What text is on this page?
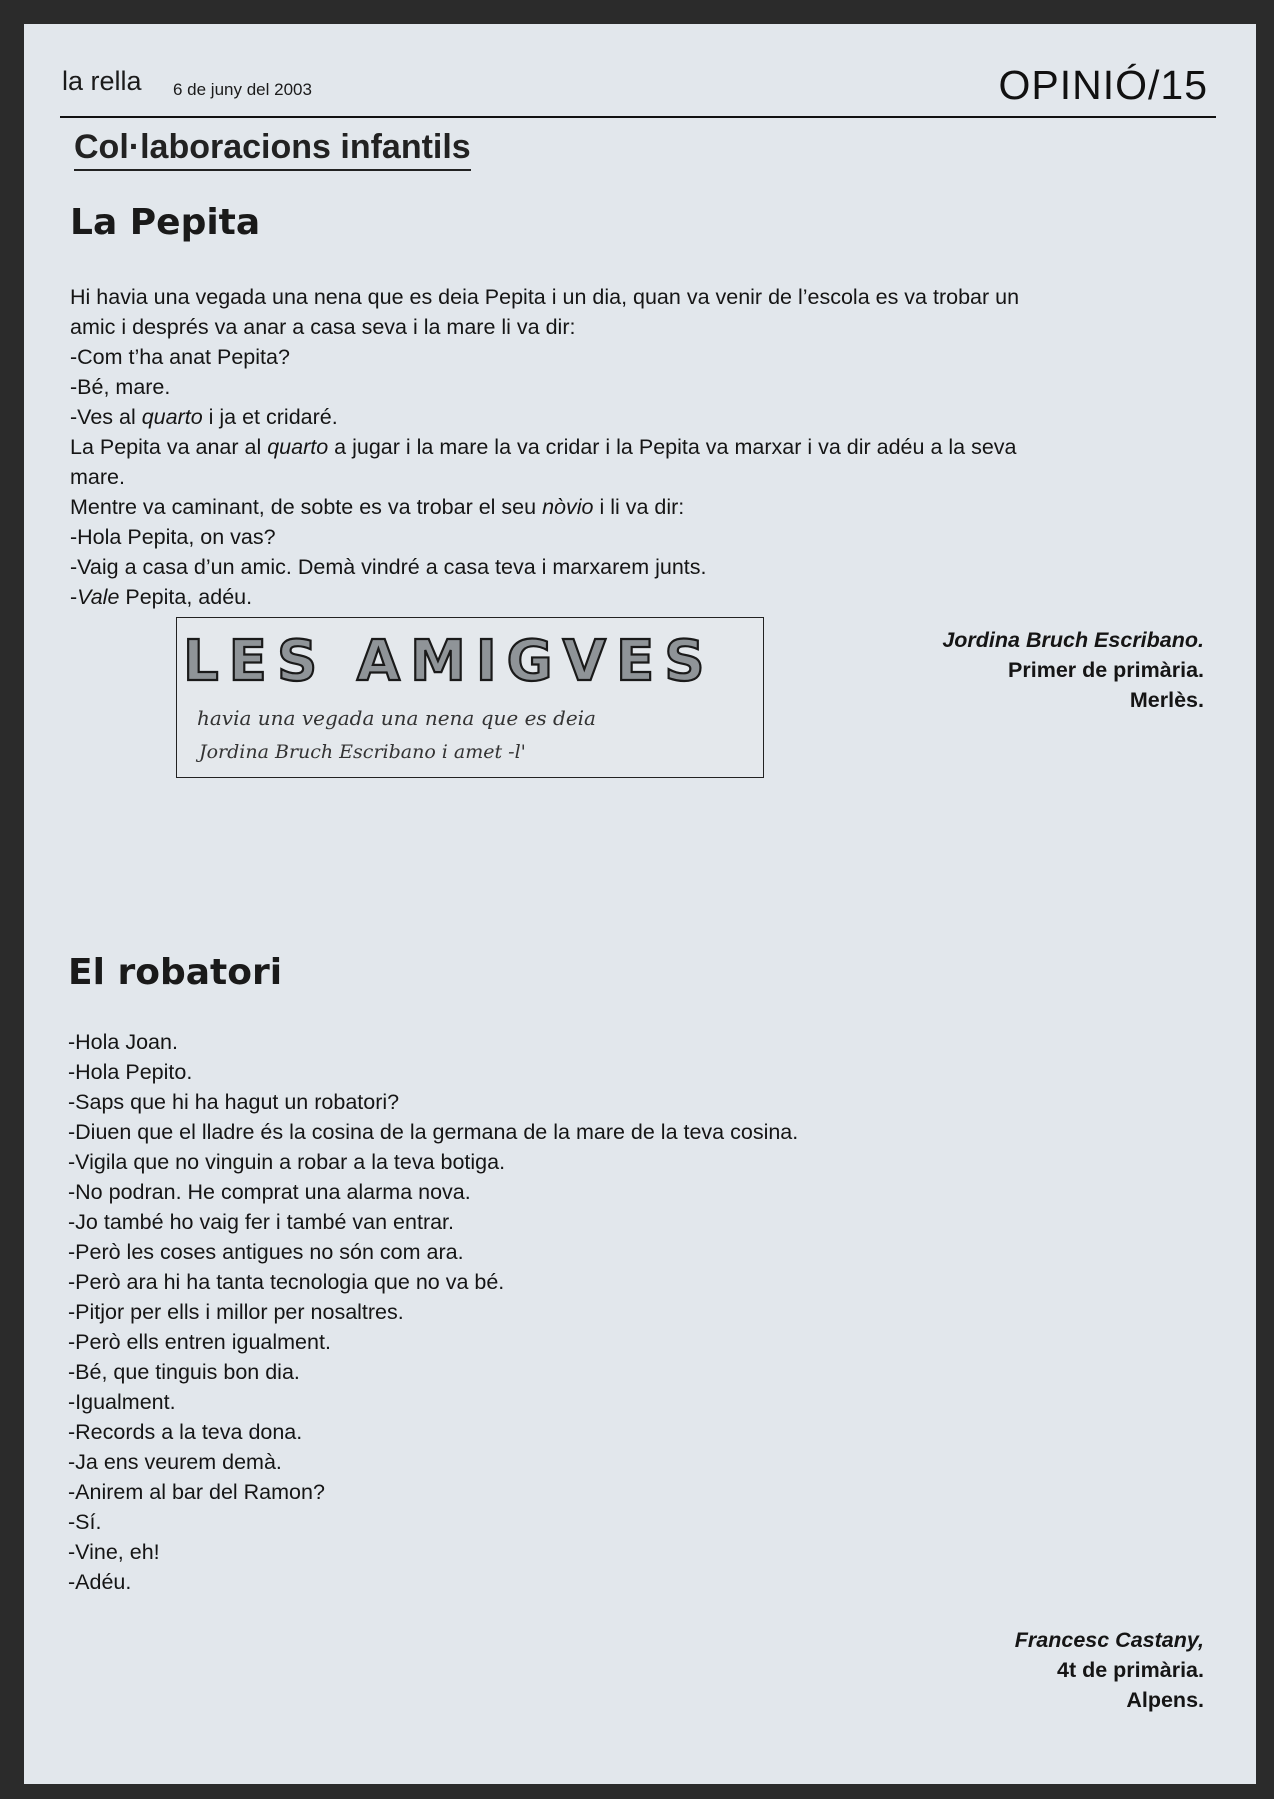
la rella 6 de juny del 2003	OPINIÓ/15
Col·laboracions infantils
La Pepita
Hi havia una vegada una nena que es deia Pepita i un dia, quan va venir de l’escola es va trobar un
amic i després va anar a casa seva i la mare li va dir:
-Com t’ha anat Pepita?
-Bé, mare.
-Ves al quarto i ja et cridaré.
La Pepita va anar al quarto a jugar i la mare la va cridar i la Pepita va marxar i va dir adéu a la seva
mare.
Mentre va caminant, de sobte es va trobar el seu nòvio i li va dir:
-Hola Pepita, on vas?
-Vaig a casa d’un amic. Demà vindré a casa teva i marxarem junts.
-Vale Pepita, adéu.
LES AMIGVES
havia una vegada una nena que es deia
Jordina Bruch Escribano i amet -l'
Jordina Bruch Escribano.
Primer de primària.
Merlès.
El robatori
-Hola Joan.
-Hola Pepito.
-Saps que hi ha hagut un robatori?
-Diuen que el lladre és la cosina de la germana de la mare de la teva cosina.
-Vigila que no vinguin a robar a la teva botiga.
-No podran. He comprat una alarma nova.
-Jo també ho vaig fer i també van entrar.
-Però les coses antigues no són com ara.
-Però ara hi ha tanta tecnologia que no va bé.
-Pitjor per ells i millor per nosaltres.
-Però ells entren igualment.
-Bé, que tinguis bon dia.
-Igualment.
-Records a la teva dona.
-Ja ens veurem demà.
-Anirem al bar del Ramon?
-Sí.
-Vine, eh!
-Adéu.
Francesc Castany,
4t de primària.
Alpens.
